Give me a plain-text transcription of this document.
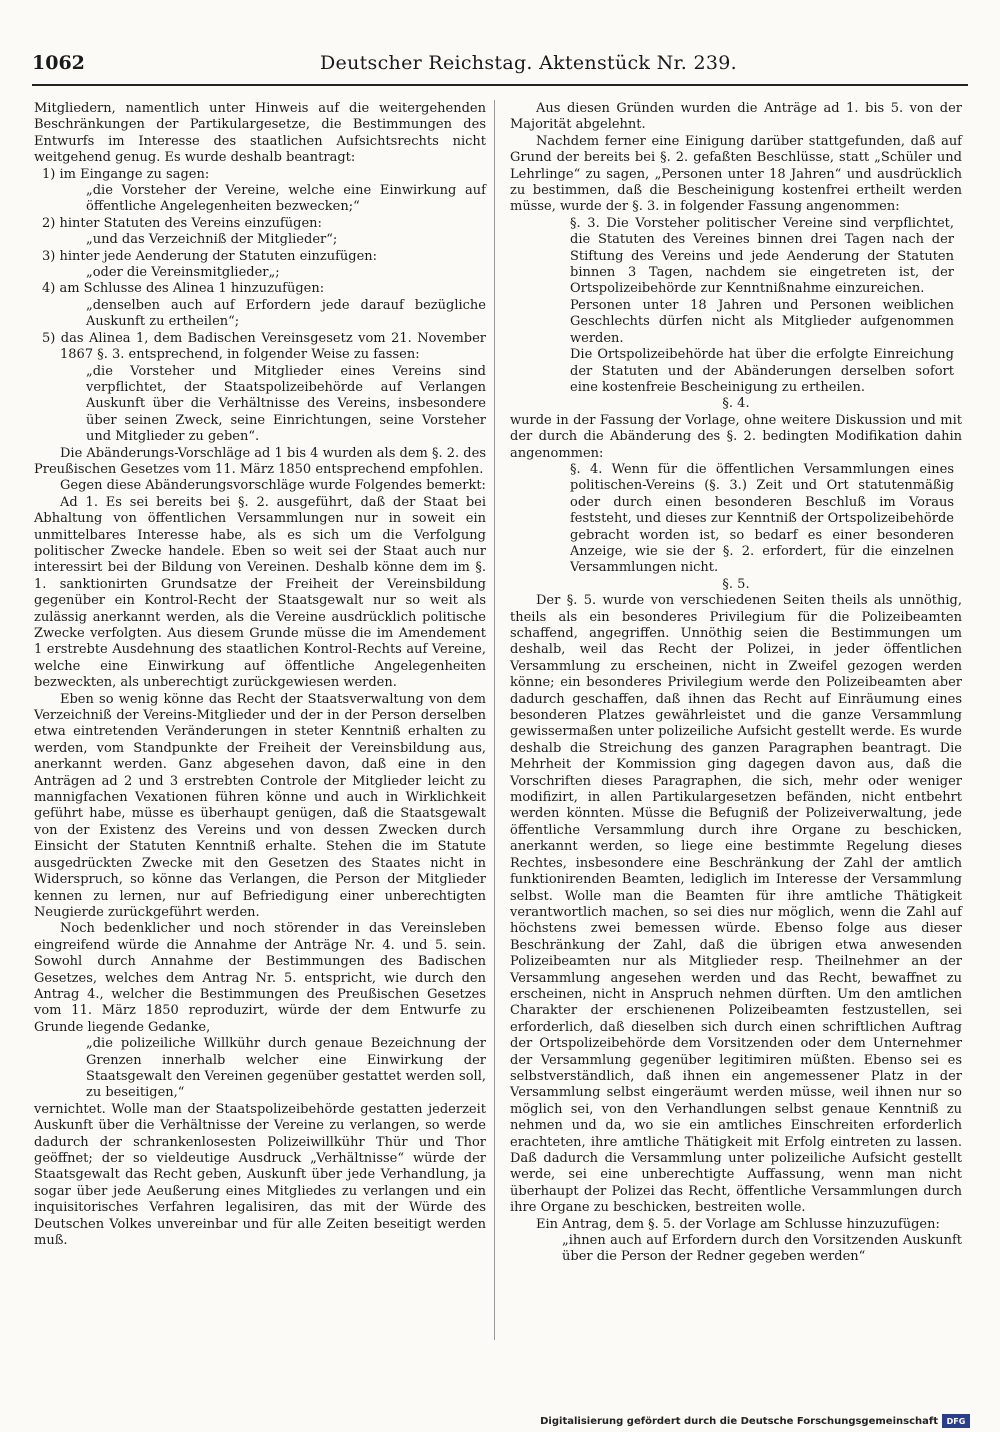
1062	Deutscher Reichstag. Aktenstück Nr. 239.

Mitgliedern, namentlich unter Hinweis auf die weitergehenden Beschränkungen der Partikulargesetze, die Bestimmungen des Entwurfs im Interesse des staatlichen Aufsichtsrechts nicht weitgehend genug. Es wurde deshalb beantragt:

1) im Eingange zu sagen:

„die Vorsteher der Vereine, welche eine Einwirkung auf öffentliche Angelegenheiten bezwecken;“

2) hinter Statuten des Vereins einzufügen:

„und das Verzeichniß der Mitglieder“;

3) hinter jede Aenderung der Statuten einzufügen:

„oder die Vereinsmitglieder„;

4) am Schlusse des Alinea 1 hinzuzufügen:

„denselben auch auf Erfordern jede darauf bezügliche Auskunft zu ertheilen“;

5) das Alinea 1, dem Badischen Vereinsgesetz vom 21. November 1867 §. 3. entsprechend, in folgender Weise zu fassen:

„die Vorsteher und Mitglieder eines Vereins sind verpflichtet, der Staatspolizeibehörde auf Verlangen Auskunft über die Verhältnisse des Vereins, insbesondere über seinen Zweck, seine Einrichtungen, seine Vorsteher und Mitglieder zu geben“.

Die Abänderungs-Vorschläge ad 1 bis 4 wurden als dem §. 2. des Preußischen Gesetzes vom 11. März 1850 entsprechend empfohlen.

Gegen diese Abänderungsvorschläge wurde Folgendes bemerkt:

Ad 1. Es sei bereits bei §. 2. ausgeführt, daß der Staat bei Abhaltung von öffentlichen Versammlungen nur in soweit ein unmittelbares Interesse habe, als es sich um die Verfolgung politischer Zwecke handele. Eben so weit sei der Staat auch nur interessirt bei der Bildung von Vereinen. Deshalb könne dem im §. 1. sanktionirten Grundsatze der Freiheit der Vereinsbildung gegenüber ein Kontrol-Recht der Staatsgewalt nur so weit als zulässig anerkannt werden, als die Vereine ausdrücklich politische Zwecke verfolgten. Aus diesem Grunde müsse die im Amendement 1 erstrebte Ausdehnung des staatlichen Kontrol-Rechts auf Vereine, welche eine Einwirkung auf öffentliche Angelegenheiten bezweckten, als unberechtigt zurückgewiesen werden.

Eben so wenig könne das Recht der Staatsverwaltung von dem Verzeichniß der Vereins-Mitglieder und der in der Person derselben etwa eintretenden Veränderungen in steter Kenntniß erhalten zu werden, vom Standpunkte der Freiheit der Vereinsbildung aus, anerkannt werden. Ganz abgesehen davon, daß eine in den Anträgen ad 2 und 3 erstrebten Controle der Mitglieder leicht zu mannigfachen Vexationen führen könne und auch in Wirklichkeit geführt habe, müsse es überhaupt genügen, daß die Staatsgewalt von der Existenz des Vereins und von dessen Zwecken durch Einsicht der Statuten Kenntniß erhalte. Stehen die im Statute ausgedrückten Zwecke mit den Gesetzen des Staates nicht in Widerspruch, so könne das Verlangen, die Person der Mitglieder kennen zu lernen, nur auf Befriedigung einer unberechtigten Neugierde zurückgeführt werden.

Noch bedenklicher und noch störender in das Vereinsleben eingreifend würde die Annahme der Anträge Nr. 4. und 5. sein. Sowohl durch Annahme der Bestimmungen des Badischen Gesetzes, welches dem Antrag Nr. 5. entspricht, wie durch den Antrag 4., welcher die Bestimmungen des Preußischen Gesetzes vom 11. März 1850 reproduzirt, würde der dem Entwurfe zu Grunde liegende Gedanke,

„die polizeiliche Willkühr durch genaue Bezeichnung der Grenzen innerhalb welcher eine Einwirkung der Staatsgewalt den Vereinen gegenüber gestattet werden soll, zu beseitigen,“

vernichtet. Wolle man der Staatspolizeibehörde gestatten jederzeit Auskunft über die Verhältnisse der Vereine zu verlangen, so werde dadurch der schrankenlosesten Polizeiwillkühr Thür und Thor geöffnet; der so vieldeutige Ausdruck „Verhältnisse“ würde der Staatsgewalt das Recht geben, Auskunft über jede Verhandlung, ja sogar über jede Aeußerung eines Mitgliedes zu verlangen und ein inquisitorisches Verfahren legalisiren, das mit der Würde des Deutschen Volkes unvereinbar und für alle Zeiten beseitigt werden muß.

Aus diesen Gründen wurden die Anträge ad 1. bis 5. von der Majorität abgelehnt.

Nachdem ferner eine Einigung darüber stattgefunden, daß auf Grund der bereits bei §. 2. gefaßten Beschlüsse, statt „Schüler und Lehrlinge“ zu sagen, „Personen unter 18 Jahren“ und ausdrücklich zu bestimmen, daß die Bescheinigung kostenfrei ertheilt werden müsse, wurde der §. 3. in folgender Fassung angenommen:

§. 3. Die Vorsteher politischer Vereine sind verpflichtet, die Statuten des Vereines binnen drei Tagen nach der Stiftung des Vereins und jede Aenderung der Statuten binnen 3 Tagen, nachdem sie eingetreten ist, der Ortspolizeibehörde zur Kenntnißnahme einzureichen.

Personen unter 18 Jahren und Personen weiblichen Geschlechts dürfen nicht als Mitglieder aufgenommen werden.

Die Ortspolizeibehörde hat über die erfolgte Einreichung der Statuten und der Abänderungen derselben sofort eine kostenfreie Bescheinigung zu ertheilen.

§. 4.

wurde in der Fassung der Vorlage, ohne weitere Diskussion und mit der durch die Abänderung des §. 2. bedingten Modifikation dahin angenommen:

§. 4. Wenn für die öffentlichen Versammlungen eines politischen-Vereins (§. 3.) Zeit und Ort statutenmäßig oder durch einen besonderen Beschluß im Voraus feststeht, und dieses zur Kenntniß der Ortspolizeibehörde gebracht worden ist, so bedarf es einer besonderen Anzeige, wie sie der §. 2. erfordert, für die einzelnen Versammlungen nicht.

§. 5.

Der §. 5. wurde von verschiedenen Seiten theils als unnöthig, theils als ein besonderes Privilegium für die Polizeibeamten schaffend, angegriffen. Unnöthig seien die Bestimmungen um deshalb, weil das Recht der Polizei, in jeder öffentlichen Versammlung zu erscheinen, nicht in Zweifel gezogen werden könne; ein besonderes Privilegium werde den Polizeibeamten aber dadurch geschaffen, daß ihnen das Recht auf Einräumung eines besonderen Platzes gewährleistet und die ganze Versammlung gewissermaßen unter polizeiliche Aufsicht gestellt werde. Es wurde deshalb die Streichung des ganzen Paragraphen beantragt. Die Mehrheit der Kommission ging dagegen davon aus, daß die Vorschriften dieses Paragraphen, die sich, mehr oder weniger modifizirt, in allen Partikulargesetzen befänden, nicht entbehrt werden könnten. Müsse die Befugniß der Polizeiverwaltung, jede öffentliche Versammlung durch ihre Organe zu beschicken, anerkannt werden, so liege eine bestimmte Regelung dieses Rechtes, insbesondere eine Beschränkung der Zahl der amtlich funktionirenden Beamten, lediglich im Interesse der Versammlung selbst. Wolle man die Beamten für ihre amtliche Thätigkeit verantwortlich machen, so sei dies nur möglich, wenn die Zahl auf höchstens zwei bemessen würde. Ebenso folge aus dieser Beschränkung der Zahl, daß die übrigen etwa anwesenden Polizeibeamten nur als Mitglieder resp. Theilnehmer an der Versammlung angesehen werden und das Recht, bewaffnet zu erscheinen, nicht in Anspruch nehmen dürften. Um den amtlichen Charakter der erschienenen Polizeibeamten festzustellen, sei erforderlich, daß dieselben sich durch einen schriftlichen Auftrag der Ortspolizeibehörde dem Vorsitzenden oder dem Unternehmer der Versammlung gegenüber legitimiren müßten. Ebenso sei es selbstverständlich, daß ihnen ein angemessener Platz in der Versammlung selbst eingeräumt werden müsse, weil ihnen nur so möglich sei, von den Verhandlungen selbst genaue Kenntniß zu nehmen und da, wo sie ein amtliches Einschreiten erforderlich erachteten, ihre amtliche Thätigkeit mit Erfolg eintreten zu lassen. Daß dadurch die Versammlung unter polizeiliche Aufsicht gestellt werde, sei eine unberechtigte Auffassung, wenn man nicht überhaupt der Polizei das Recht, öffentliche Versammlungen durch ihre Organe zu beschicken, bestreiten wolle.

Ein Antrag, dem §. 5. der Vorlage am Schlusse hinzuzufügen:

„ihnen auch auf Erfordern durch den Vorsitzenden Auskunft über die Person der Redner gegeben werden“

Digitalisierung gefördert durch die Deutsche Forschungsgemeinschaft	DFG
